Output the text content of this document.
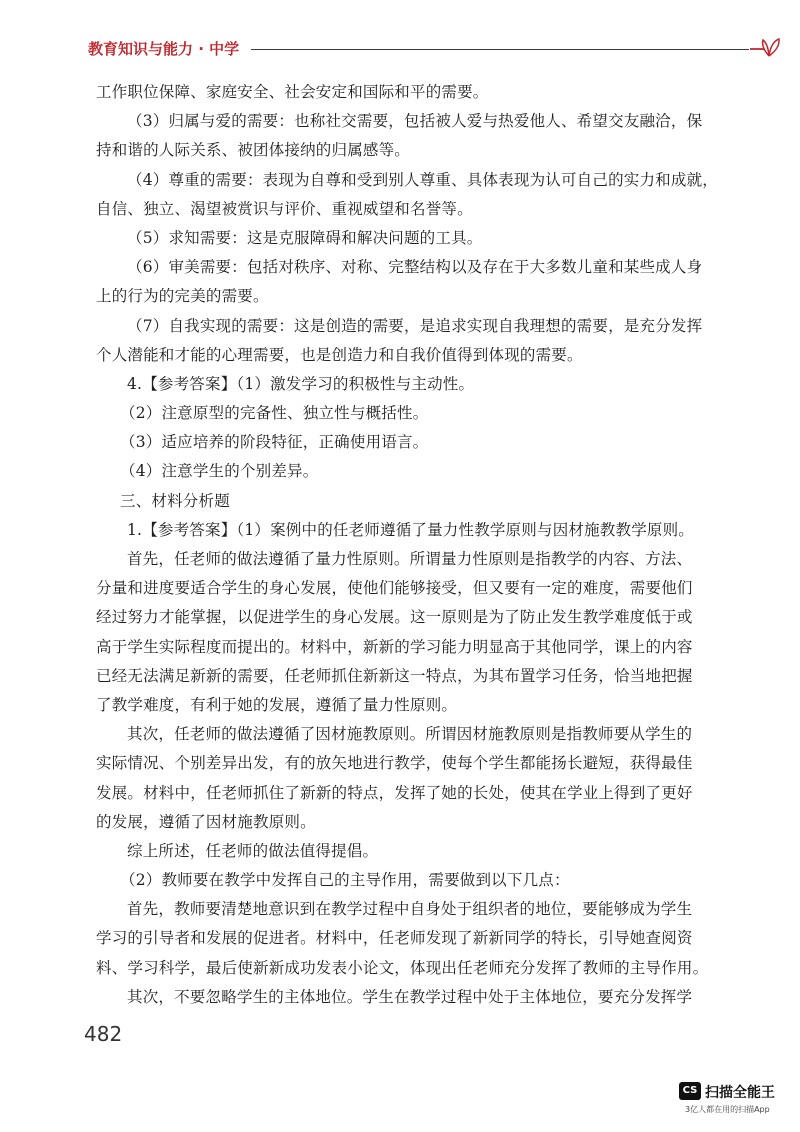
教育知识与能力 · 中学
工作职位保障、家庭安全、社会安定和国际和平的需要。
（3）归属与爱的需要：也称社交需要，包括被人爱与热爱他人、希望交友融洽，保
持和谐的人际关系、被团体接纳的归属感等。
（4）尊重的需要：表现为自尊和受到别人尊重、具体表现为认可自己的实力和成就，
自信、独立、渴望被赏识与评价、重视威望和名誉等。
（5）求知需要：这是克服障碍和解决问题的工具。
（6）审美需要：包括对秩序、对称、完整结构以及存在于大多数儿童和某些成人身
上的行为的完美的需要。
（7）自我实现的需要：这是创造的需要，是追求实现自我理想的需要，是充分发挥
个人潜能和才能的心理需要，也是创造力和自我价值得到体现的需要。
4.【参考答案】（1）激发学习的积极性与主动性。
（2）注意原型的完备性、独立性与概括性。
（3）适应培养的阶段特征，正确使用语言。
（4）注意学生的个别差异。
三、材料分析题
1.【参考答案】（1）案例中的任老师遵循了量力性教学原则与因材施教教学原则。
首先，任老师的做法遵循了量力性原则。所谓量力性原则是指教学的内容、方法、
分量和进度要适合学生的身心发展，使他们能够接受，但又要有一定的难度，需要他们
经过努力才能掌握，以促进学生的身心发展。这一原则是为了防止发生教学难度低于或
高于学生实际程度而提出的。材料中，新新的学习能力明显高于其他同学，课上的内容
已经无法满足新新的需要，任老师抓住新新这一特点，为其布置学习任务，恰当地把握
了教学难度，有利于她的发展，遵循了量力性原则。
其次，任老师的做法遵循了因材施教原则。所谓因材施教原则是指教师要从学生的
实际情况、个别差异出发，有的放矢地进行教学，使每个学生都能扬长避短，获得最佳
发展。材料中，任老师抓住了新新的特点，发挥了她的长处，使其在学业上得到了更好
的发展，遵循了因材施教原则。
综上所述，任老师的做法值得提倡。
（2）教师要在教学中发挥自己的主导作用，需要做到以下几点：
首先，教师要清楚地意识到在教学过程中自身处于组织者的地位，要能够成为学生
学习的引导者和发展的促进者。材料中，任老师发现了新新同学的特长，引导她查阅资
料、学习科学，最后使新新成功发表小论文，体现出任老师充分发挥了教师的主导作用。
其次，不要忽略学生的主体地位。学生在教学过程中处于主体地位，要充分发挥学
482
CS 扫描全能王
3亿人都在用的扫描App
